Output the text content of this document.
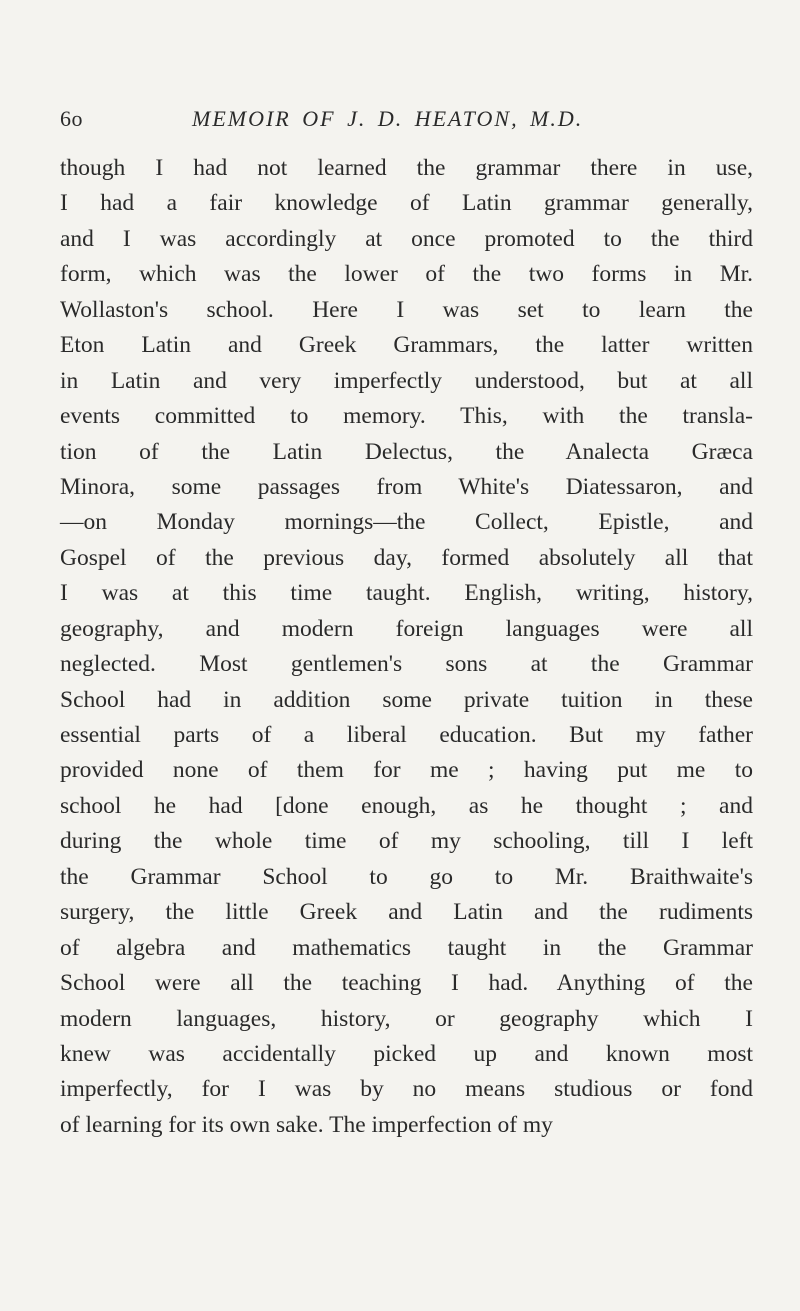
6o	MEMOIR OF J. D. HEATON, M.D.
though I had not learned the grammar there in use,
I had a fair knowledge of Latin grammar generally,
and I was accordingly at once promoted to the third
form, which was the lower of the two forms in Mr.
Wollaston's school. Here I was set to learn the
Eton Latin and Greek Grammars, the latter written
in Latin and very imperfectly understood, but at all
events committed to memory. This, with the transla-
tion of the Latin Delectus, the Analecta Græca
Minora, some passages from White's Diatessaron, and
—on Monday mornings—the Collect, Epistle, and
Gospel of the previous day, formed absolutely all that
I was at this time taught. English, writing, history,
geography, and modern foreign languages were all
neglected. Most gentlemen's sons at the Grammar
School had in addition some private tuition in these
essential parts of a liberal education. But my father
provided none of them for me ; having put me to
school he had [done enough, as he thought ; and
during the whole time of my schooling, till I left
the Grammar School to go to Mr. Braithwaite's
surgery, the little Greek and Latin and the rudiments
of algebra and mathematics taught in the Grammar
School were all the teaching I had. Anything of the
modern languages, history, or geography which I
knew was accidentally picked up and known most
imperfectly, for I was by no means studious or fond
of learning for its own sake. The imperfection of my
